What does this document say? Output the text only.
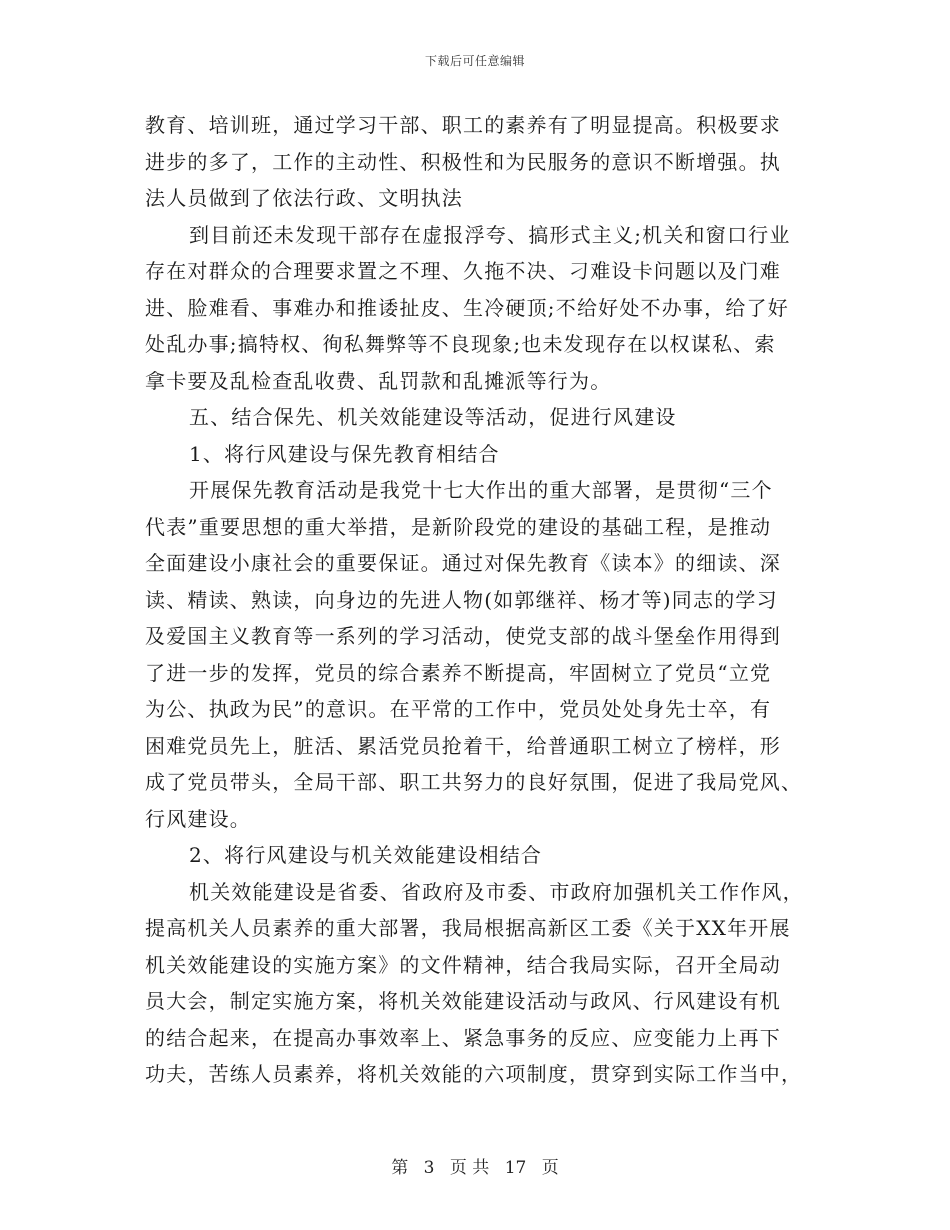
下载后可任意编辑
教育、培训班，通过学习干部、职工的素养有了明显提高。积极要求
进步的多了，工作的主动性、积极性和为民服务的意识不断增强。执
法人员做到了依法行政、文明执法
到目前还未发现干部存在虚报浮夸、搞形式主义;机关和窗口行业
存在对群众的合理要求置之不理、久拖不决、刁难设卡问题以及门难
进、脸难看、事难办和推诿扯皮、生冷硬顶;不给好处不办事，给了好
处乱办事;搞特权、徇私舞弊等不良现象;也未发现存在以权谋私、索
拿卡要及乱检查乱收费、乱罚款和乱摊派等行为。
五、结合保先、机关效能建设等活动，促进行风建设
1、将行风建设与保先教育相结合
开展保先教育活动是我党十七大作出的重大部署，是贯彻“三个
代表”重要思想的重大举措，是新阶段党的建设的基础工程，是推动
全面建设小康社会的重要保证。通过对保先教育《读本》的细读、深
读、精读、熟读，向身边的先进人物(如郭继祥、杨才等)同志的学习
及爱国主义教育等一系列的学习活动，使党支部的战斗堡垒作用得到
了进一步的发挥，党员的综合素养不断提高，牢固树立了党员“立党
为公、执政为民”的意识。在平常的工作中，党员处处身先士卒，有
困难党员先上，脏活、累活党员抢着干，给普通职工树立了榜样，形
成了党员带头，全局干部、职工共努力的良好氛围，促进了我局党风、
行风建设。
2、将行风建设与机关效能建设相结合
机关效能建设是省委、省政府及市委、市政府加强机关工作作风，
提高机关人员素养的重大部署，我局根据高新区工委《关于XX年开展
机关效能建设的实施方案》的文件精神，结合我局实际，召开全局动
员大会，制定实施方案，将机关效能建设活动与政风、行风建设有机
的结合起来，在提高办事效率上、紧急事务的反应、应变能力上再下
功夫，苦练人员素养，将机关效能的六项制度，贯穿到实际工作当中，
第 3 页 共 17 页
